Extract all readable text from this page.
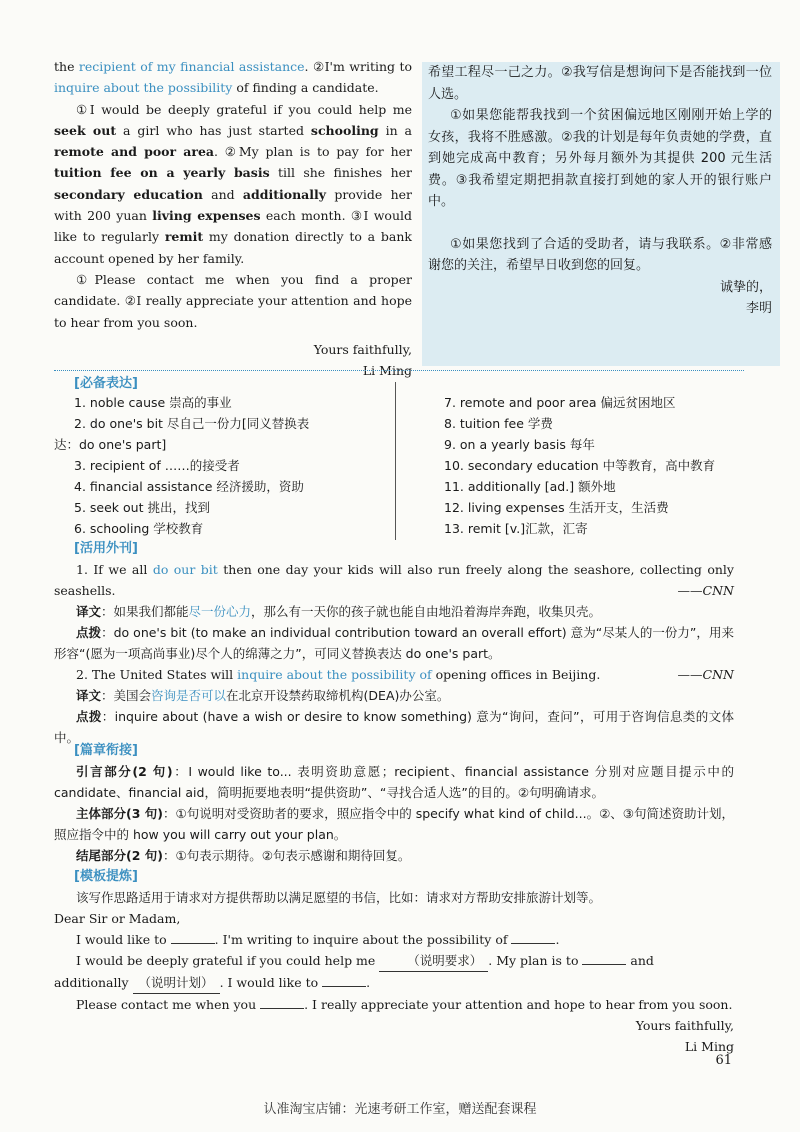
the recipient of my financial assistance. ②I'm writing to inquire about the possibility of finding a candidate.

①I would be deeply grateful if you could help me seek out a girl who has just started schooling in a remote and poor area. ②My plan is to pay for her tuition fee on a yearly basis till she finishes her secondary education and additionally provide her with 200 yuan living expenses each month. ③I would like to regularly remit my donation directly to a bank account opened by her family.

①Please contact me when you find a proper candidate. ②I really appreciate your attention and hope to hear from you soon.

Yours faithfully,

Li Ming

希望工程尽一己之力。②我写信是想询问下是否能找到一位人选。

①如果您能帮我找到一个贫困偏远地区刚刚开始上学的女孩，我将不胜感激。②我的计划是每年负责她的学费，直到她完成高中教育；另外每月额外为其提供 200 元生活费。③我希望定期把捐款直接打到她的家人开的银行账户中。

①如果您找到了合适的受助者，请与我联系。②非常感谢您的关注，希望早日收到您的回复。

诚挚的，

李明

[必备表达]
1. noble cause 崇高的事业
2. do one's bit 尽自己一份力[同义替换表
达：do one's part]
3. recipient of ……的接受者
4. financial assistance 经济援助，资助
5. seek out 挑出，找到
6. schooling 学校教育
7. remote and poor area 偏远贫困地区
8. tuition fee 学费
9. on a yearly basis 每年
10. secondary education 中等教育，高中教育
11. additionally [ad.] 额外地
12. living expenses 生活开支，生活费
13. remit [v.]汇款，汇寄
[活用外刊]

1. If we all do our bit then one day your kids will also run freely along the seashore, collecting only seashells.	——CNN

译文：如果我们都能尽一份心力，那么有一天你的孩子就也能自由地沿着海岸奔跑，收集贝壳。

点拨：do one's bit (to make an individual contribution toward an overall effort) 意为“尽某人的一份力”，用来形容“(愿为一项高尚事业)尽个人的绵薄之力”，可同义替换表达 do one's part。

2. The United States will inquire about the possibility of opening offices in Beijing.	——CNN

译文：美国会咨询是否可以在北京开设禁药取缔机构(DEA)办公室。

点拨：inquire about (have a wish or desire to know something) 意为“询问，查问”，可用于咨询信息类的文体中。

[篇章衔接]

引言部分(2 句)：I would like to... 表明资助意愿；recipient、financial assistance 分别对应题目提示中的 candidate、financial aid，简明扼要地表明“提供资助”、“寻找合适人选”的目的。②句明确请求。

主体部分(3 句)：①句说明对受资助者的要求，照应指令中的 specify what kind of child...。②、③句简述资助计划，照应指令中的 how you will carry out your plan。

结尾部分(2 句)：①句表示期待。②句表示感谢和期待回复。

[模板提炼]

该写作思路适用于请求对方提供帮助以满足愿望的书信，比如：请求对方帮助安排旅游计划等。

Dear Sir or Madam,

I would like to	. I'm writing to inquire about the possibility of	.

I would be deeply grateful if you could help me （说明要求） . My plan is to	and

additionally （说明计划） . I would like to	.

Please contact me when you	. I really appreciate your attention and hope to hear from you soon.

Yours faithfully,

Li Ming

61
认准淘宝店铺：光速考研工作室，赠送配套课程
